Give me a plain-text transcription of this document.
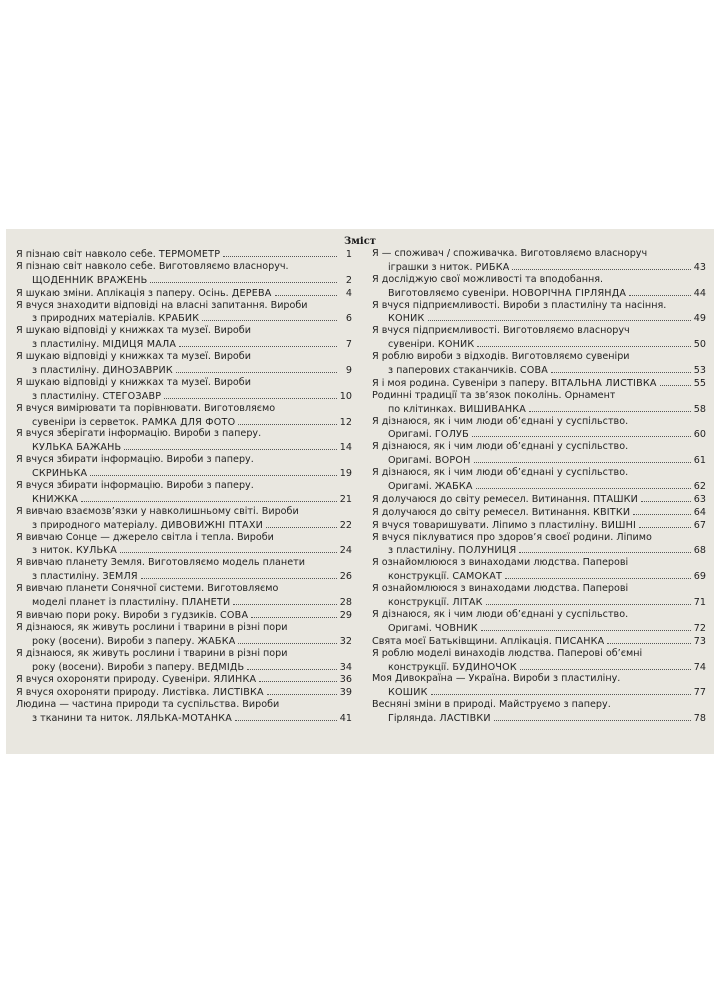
Зміст
Я пізнаю світ навколо себе. ТЕРМОМЕТР	1
Я пізнаю світ навколо себе. Виготовляємо власноруч.
ЩОДЕННИК ВРАЖЕНЬ	2
Я шукаю зміни. Аплікація з паперу. Осінь. ДЕРЕВА	4
Я вчуся знаходити відповіді на власні запитання. Вироби
з природних матеріалів. КРАБИК	6
Я шукаю відповіді у книжках та музеї. Вироби
з пластиліну. МІДИЦЯ МАЛА	7
Я шукаю відповіді у книжках та музеї. Вироби
з пластиліну. ДИНОЗАВРИК	9
Я шукаю відповіді у книжках та музеї. Вироби
з пластиліну. СТЕГОЗАВР	10
Я вчуся вимірювати та порівнювати. Виготовляємо
сувеніри із серветок. РАМКА ДЛЯ ФОТО	12
Я вчуся зберігати інформацію. Вироби з паперу.
КУЛЬКА БАЖАНЬ	14
Я вчуся збирати інформацію. Вироби з паперу.
СКРИНЬКА	19
Я вчуся збирати інформацію. Вироби з паперу.
КНИЖКА	21
Я вивчаю взаємозв’язки у навколишньому світі. Вироби
з природного матеріалу. ДИВОВИЖНІ ПТАХИ	22
Я вивчаю Сонце — джерело світла і тепла. Вироби
з ниток. КУЛЬКА	24
Я вивчаю планету Земля. Виготовляємо модель планети
з пластиліну. ЗЕМЛЯ	26
Я вивчаю планети Сонячної системи. Виготовляємо
моделі планет із пластиліну. ПЛАНЕТИ	28
Я вивчаю пори року. Вироби з гудзиків. СОВА	29
Я дізнаюся, як живуть рослини і тварини в різні пори
року (восени). Вироби з паперу. ЖАБКА	32
Я дізнаюся, як живуть рослини і тварини в різні пори
року (восени). Вироби з паперу. ВЕДМІДЬ	34
Я вчуся охороняти природу. Сувеніри. ЯЛИНКА	36
Я вчуся охороняти природу. Листівка. ЛИСТІВКА	39
Людина — частина природи та суспільства. Вироби
з тканини та ниток. ЛЯЛЬКА-МОТАНКА	41
Я — споживач / споживачка. Виготовляємо власноруч
іграшки з ниток. РИБКА	43
Я досліджую свої можливості та вподобання.
Виготовляємо сувеніри. НОВОРІЧНА ГІРЛЯНДА	44
Я вчуся підприємливості. Вироби з пластиліну та насіння.
КОНИК	49
Я вчуся підприємливості. Виготовляємо власноруч
сувеніри. КОНИК	50
Я роблю вироби з відходів. Виготовляємо сувеніри
з паперових стаканчиків. СОВА	53
Я і моя родина. Сувеніри з паперу. ВІТАЛЬНА ЛИСТІВКА	55
Родинні традиції та зв’язок поколінь. Орнамент
по клітинках. ВИШИВАНКА	58
Я дізнаюся, як і чим люди об’єднані у суспільство.
Оригамі. ГОЛУБ	60
Я дізнаюся, як і чим люди об’єднані у суспільство.
Оригамі. ВОРОН	61
Я дізнаюся, як і чим люди об’єднані у суспільство.
Оригамі. ЖАБКА	62
Я долучаюся до світу ремесел. Витинання. ПТАШКИ	63
Я долучаюся до світу ремесел. Витинання. КВІТКИ	64
Я вчуся товаришувати. Ліпимо з пластиліну. ВИШНІ	67
Я вчуся піклуватися про здоров’я своєї родини. Ліпимо
з пластиліну. ПОЛУНИЦЯ	68
Я ознайомлююся з винаходами людства. Паперові
конструкції. САМОКАТ	69
Я ознайомлююся з винаходами людства. Паперові
конструкції. ЛІТАК	71
Я дізнаюся, як і чим люди об’єднані у суспільство.
Оригамі. ЧОВНИК	72
Свята моєї Батьківщини. Аплікація. ПИСАНКА	73
Я роблю моделі винаходів людства. Паперові об’ємні
конструкції. БУДИНОЧОК	74
Моя Дивокраїна — Україна. Вироби з пластиліну.
КОШИК	77
Весняні зміни в природі. Майструємо з паперу.
Гірлянда. ЛАСТІВКИ	78
